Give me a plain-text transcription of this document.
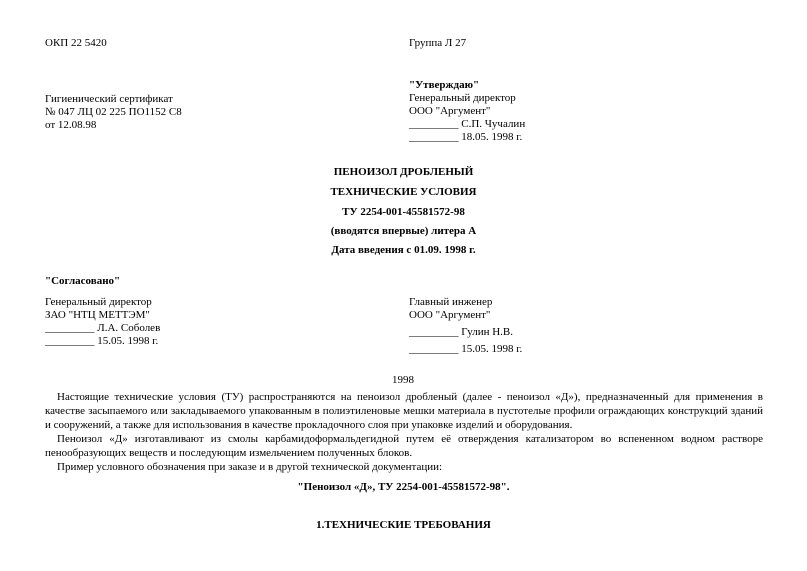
ОКП 22 5420	Группа Л 27
Гигиенический сертификат
№ 047 ЛЦ 02 225 ПО1152 С8
от 12.08.98
"Утверждаю"
Генеральный директор
ООО "Аргумент"
_________ С.П. Чучалин
_________ 18.05. 1998 г.
ПЕНОИЗОЛ ДРОБЛЕНЫЙ
ТЕХНИЧЕСКИЕ УСЛОВИЯ
ТУ 2254-001-45581572-98
(вводятся впервые) литера А
Дата введения с 01.09. 1998 г.
"Согласовано"
Генеральный директор
ЗАО "НТЦ МЕТТЭМ"
_________ Л.А. Соболев
_________ 15.05. 1998 г.
Главный инженер
ООО "Аргумент"
_________ Гулин Н.В.
_________ 15.05. 1998 г.
1998

Настоящие технические условия (ТУ) распространяются на пеноизол дробленый (далее - пеноизол «Д»), предназначенный для применения в качестве засыпаемого или закладываемого упакованным в полиэтиленовые мешки материала в пустотелые профили ограждающих конструкций зданий и сооружений, а также для использования в качестве прокладочного слоя при упаковке изделий и оборудования.

Пеноизол «Д» изготавливают из смолы карбамидоформальдегидной путем её отверждения катализатором во вспененном водном растворе пенообразующих веществ и последующим измельчением полученных блоков.

Пример условного обозначения при заказе и в другой технической документации:

"Пеноизол «Д», ТУ 2254-001-45581572-98".
1.ТЕХНИЧЕСКИЕ ТРЕБОВАНИЯ
